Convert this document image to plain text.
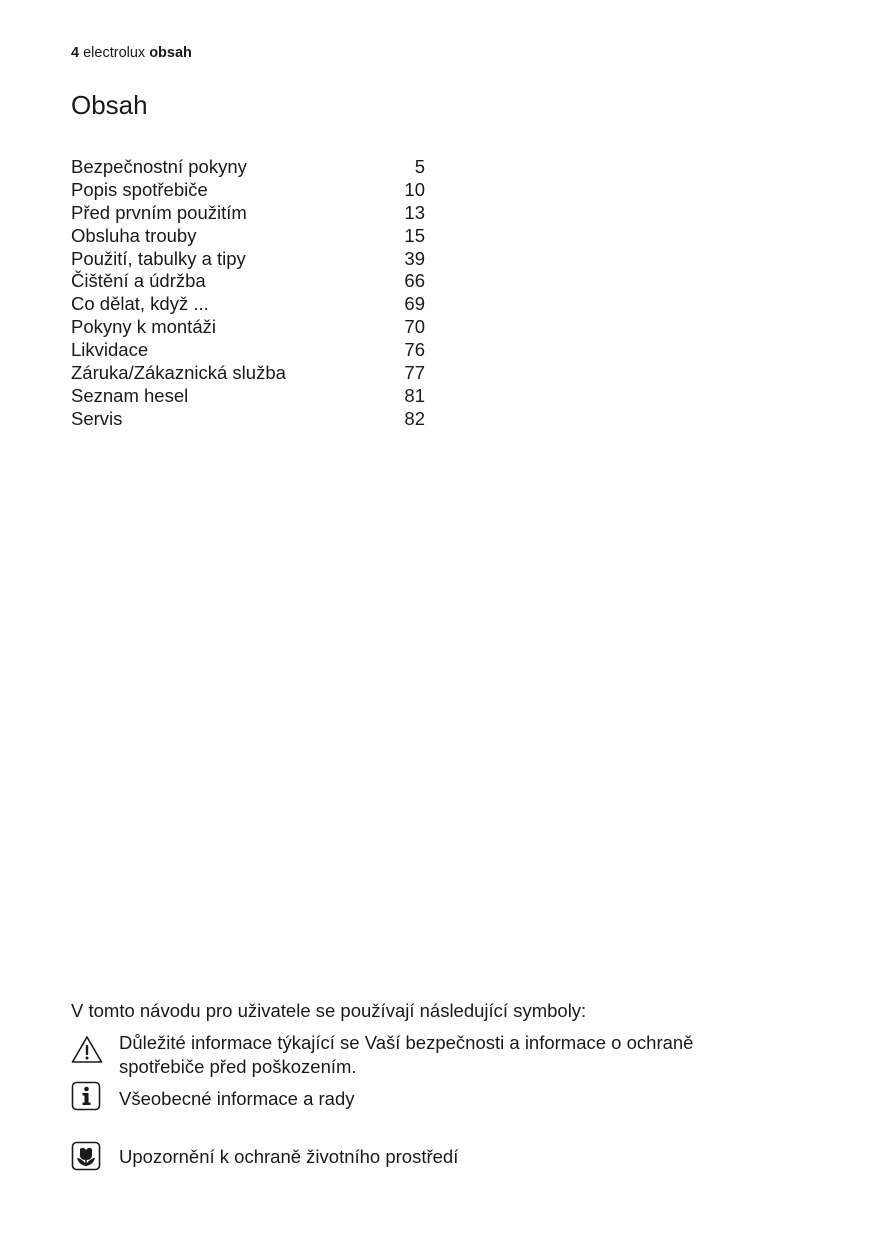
4 electrolux obsah
Obsah
Bezpečnostní pokyny	5
Popis spotřebiče	10
Před prvním použitím	13
Obsluha trouby	15
Použití, tabulky a tipy	39
Čištění a údržba	66
Co dělat, když ...	69
Pokyny k montáži	70
Likvidace	76
Záruka/Zákaznická služba	77
Seznam hesel	81
Servis	82

V tomto návodu pro uživatele se používají následující symboly:

Důležité informace týkající se Vaší bezpečnosti a informace o ochraně spotřebiče před poškozením.
Všeobecné informace a rady
Upozornění k ochraně životního prostředí
